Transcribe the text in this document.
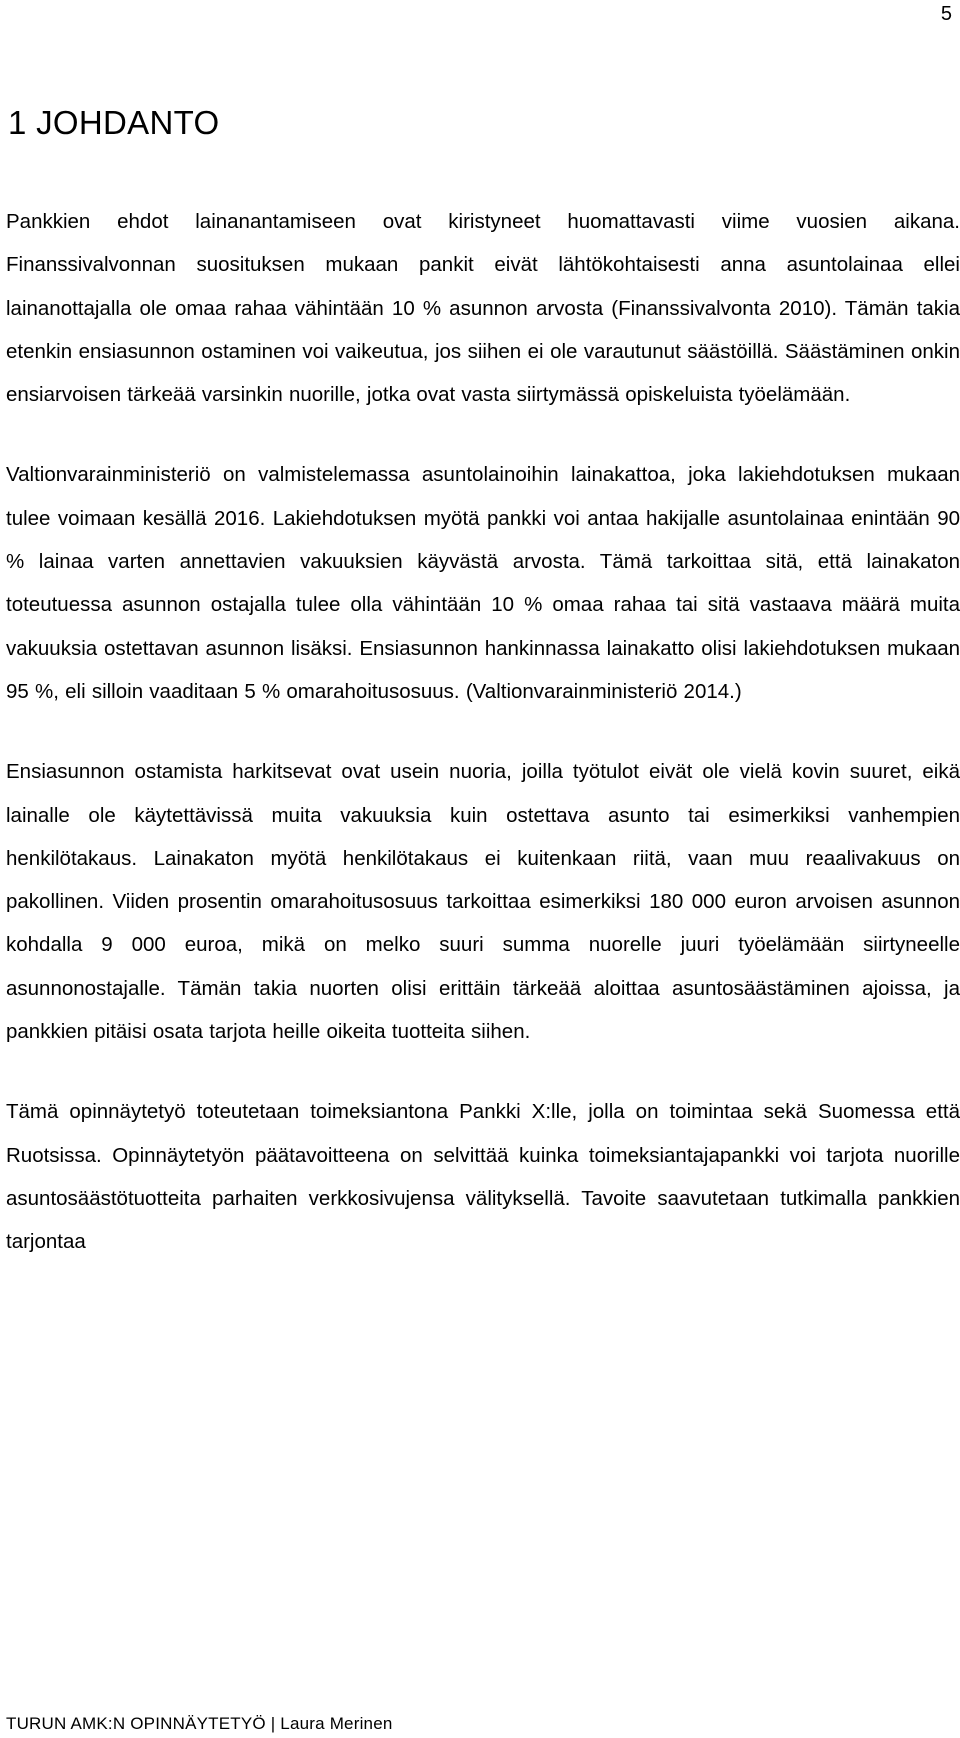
5
1 JOHDANTO

Pankkien ehdot lainanantamiseen ovat kiristyneet huomattavasti viime vuosien aikana. Finanssivalvonnan suosituksen mukaan pankit eivät lähtökohtaisesti anna asuntolainaa ellei lainanottajalla ole omaa rahaa vähintään 10 % asunnon arvosta (Finanssivalvonta 2010). Tämän takia etenkin ensiasunnon ostaminen voi vaikeutua, jos siihen ei ole varautunut säästöillä. Säästäminen onkin ensiarvoisen tärkeää varsinkin nuorille, jotka ovat vasta siirtymässä opiskeluista työelämään.

Valtionvarainministeriö on valmistelemassa asuntolainoihin lainakattoa, joka lakiehdotuksen mukaan tulee voimaan kesällä 2016. Lakiehdotuksen myötä pankki voi antaa hakijalle asuntolainaa enintään 90 % lainaa varten annettavien vakuuksien käyvästä arvosta. Tämä tarkoittaa sitä, että lainakaton toteutuessa asunnon ostajalla tulee olla vähintään 10 % omaa rahaa tai sitä vastaava määrä muita vakuuksia ostettavan asunnon lisäksi. Ensiasunnon hankinnassa lainakatto olisi lakiehdotuksen mukaan 95 %, eli silloin vaaditaan 5 % omarahoitusosuus. (Valtionvarainministeriö 2014.)

Ensiasunnon ostamista harkitsevat ovat usein nuoria, joilla työtulot eivät ole vielä kovin suuret, eikä lainalle ole käytettävissä muita vakuuksia kuin ostettava asunto tai esimerkiksi vanhempien henkilötakaus. Lainakaton myötä henkilötakaus ei kuitenkaan riitä, vaan muu reaalivakuus on pakollinen. Viiden prosentin omarahoitusosuus tarkoittaa esimerkiksi 180 000 euron arvoisen asunnon kohdalla 9 000 euroa, mikä on melko suuri summa nuorelle juuri työelämään siirtyneelle asunnonostajalle. Tämän takia nuorten olisi erittäin tärkeää aloittaa asuntosäästäminen ajoissa, ja pankkien pitäisi osata tarjota heille oikeita tuotteita siihen.

Tämä opinnäytetyö toteutetaan toimeksiantona Pankki X:lle, jolla on toimintaa sekä Suomessa että Ruotsissa. Opinnäytetyön päätavoitteena on selvittää kuinka toimeksiantajapankki voi tarjota nuorille asuntosäästötuotteita parhaiten verkkosivujensa välityksellä. Tavoite saavutetaan tutkimalla pankkien tarjontaa

TURUN AMK:N OPINNÄYTETYÖ | Laura Merinen
